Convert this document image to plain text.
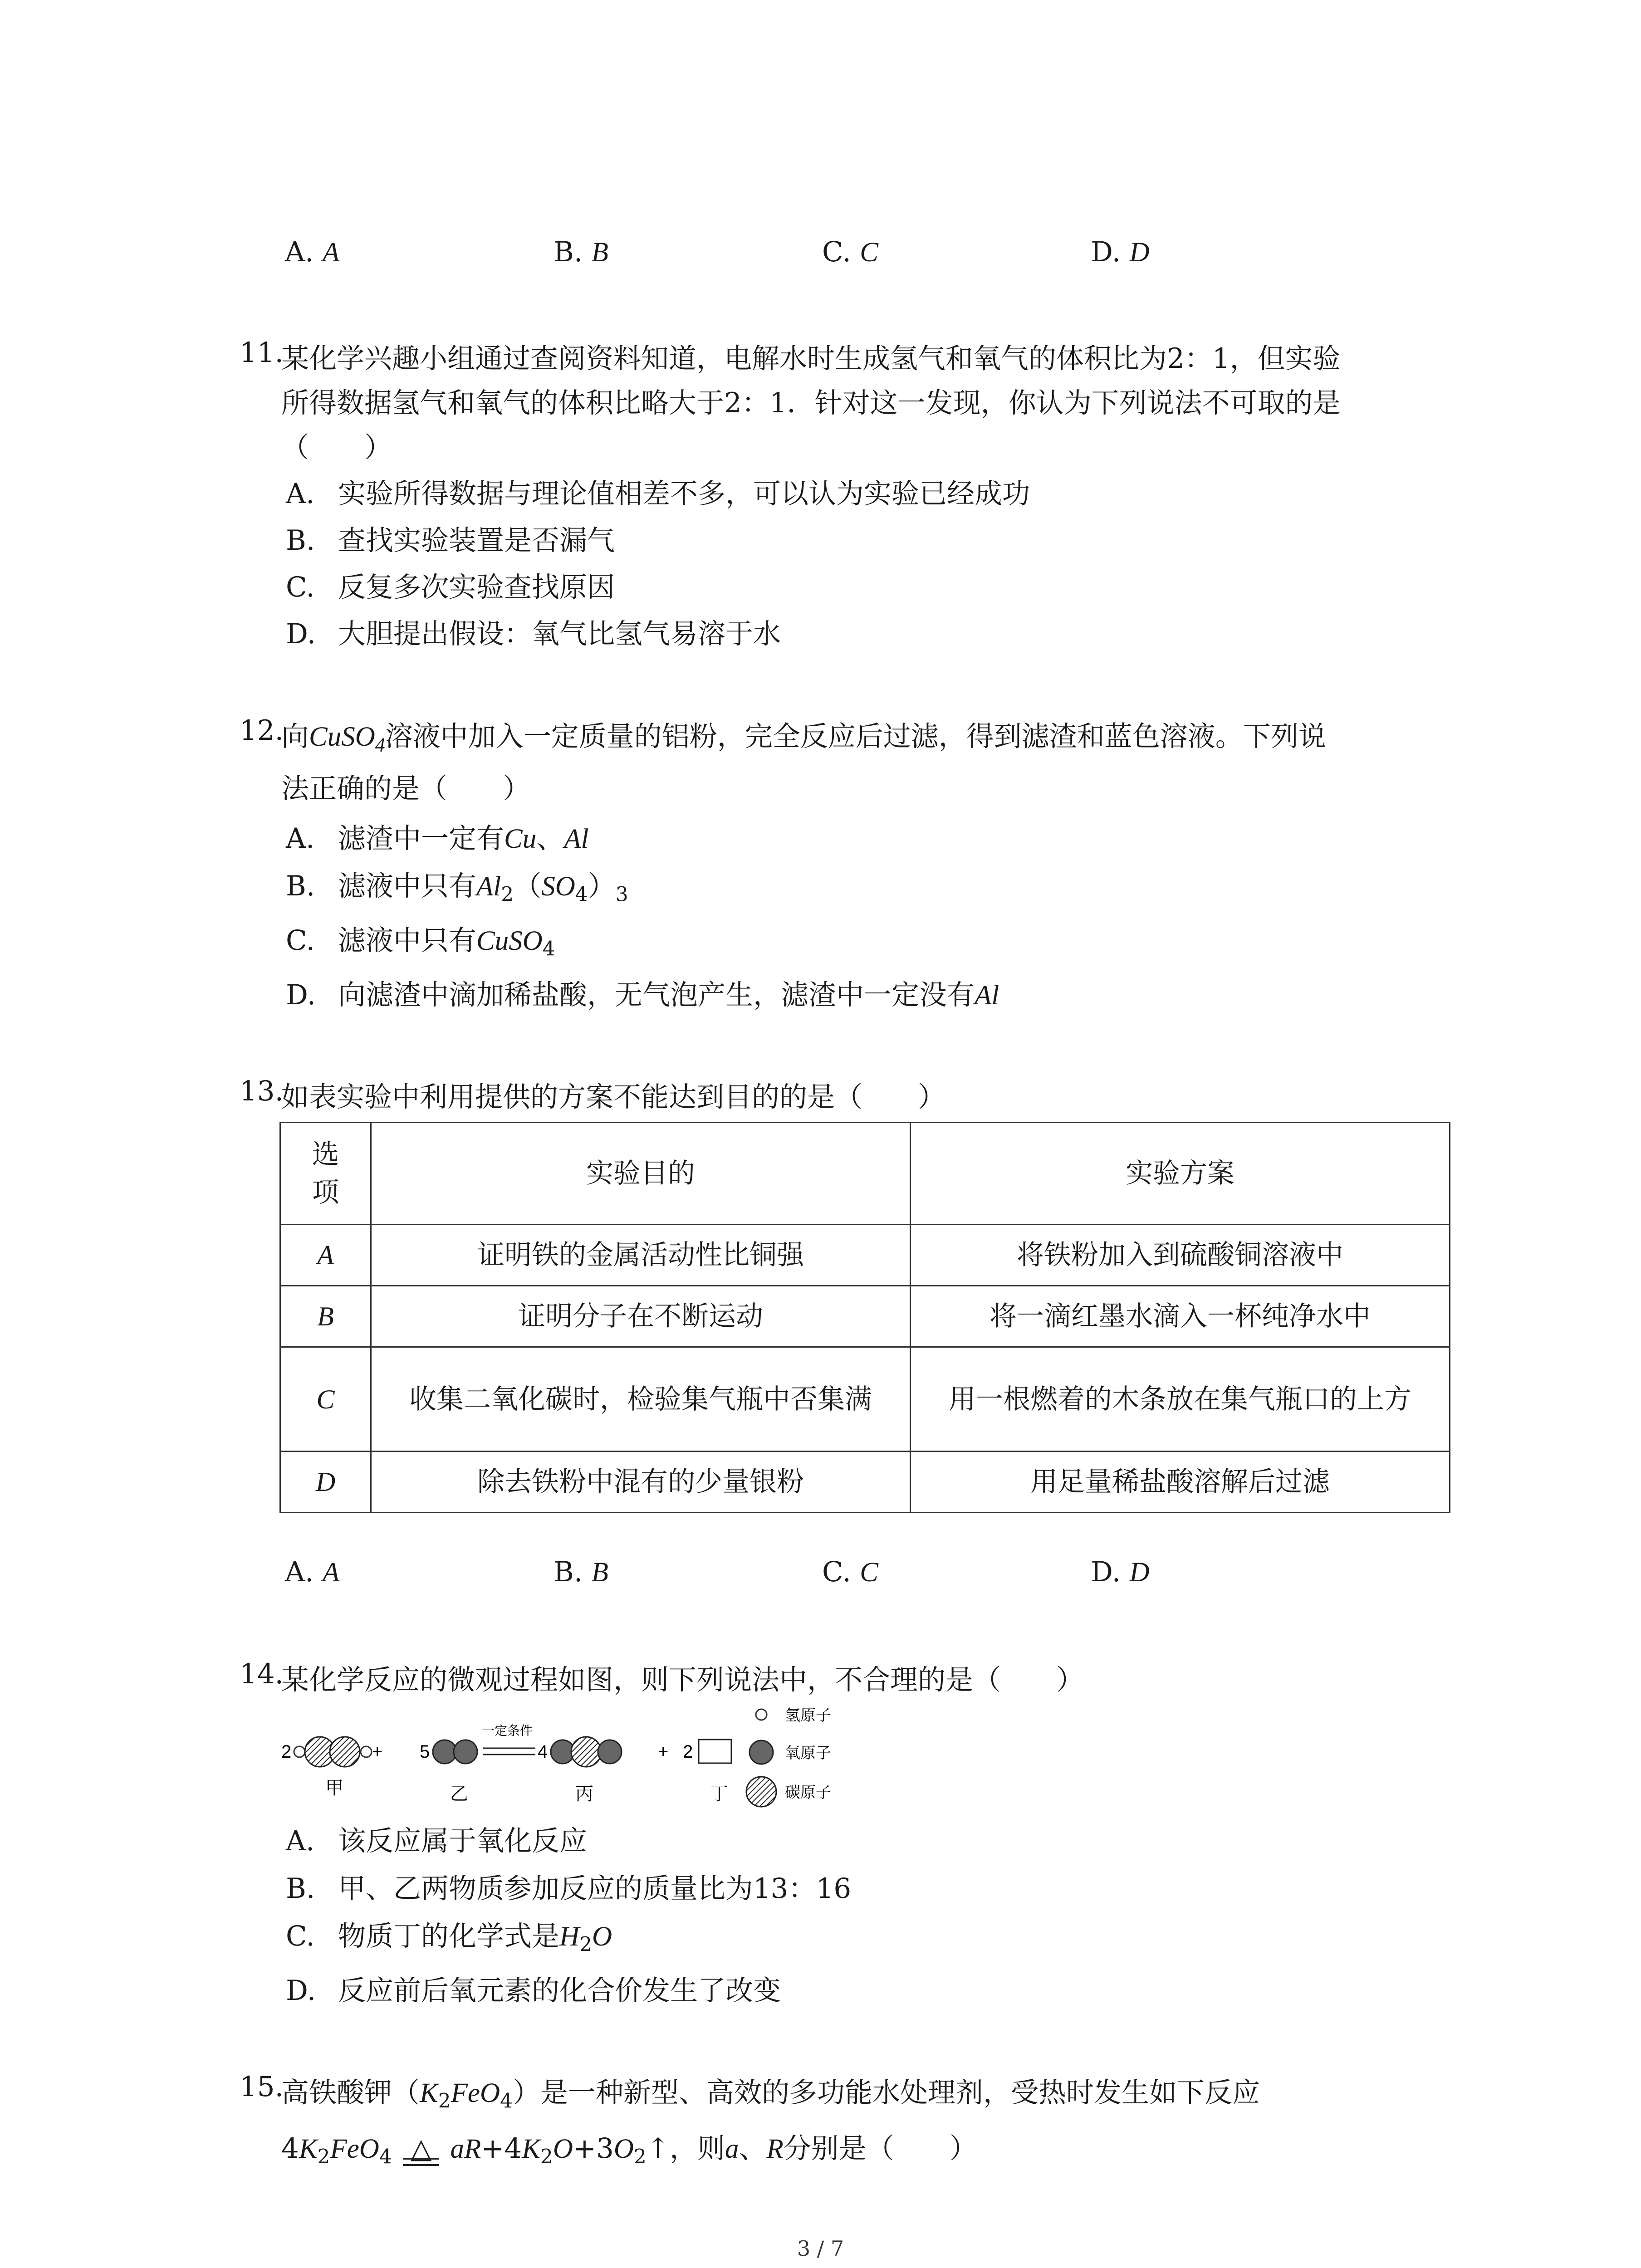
A. A	B. B	C. C	D. D
11.
某化学兴趣小组通过查阅资料知道，电解水时生成氢气和氧气的体积比为2：1，但实验
所得数据氢气和氧气的体积比略大于2：1．针对这一发现，你认为下列说法不可取的是
（　　）
A. 实验所得数据与理论值相差不多，可以认为实验已经成功
B. 查找实验装置是否漏气
C. 反复多次实验查找原因
D. 大胆提出假设：氧气比氢气易溶于水
12.
向CuSO$_4$溶液中加入一定质量的铝粉，完全反应后过滤，得到滤渣和蓝色溶液。下列说
法正确的是（　　）
A. 滤渣中一定有Cu、Al
B. 滤液中只有$Al_2(SO_4)_3$
C. 滤液中只有CuSO$_4$
D. 向滤渣中滴加稀盐酸，无气泡产生，滤渣中一定没有Al
13.
如表实验中利用提供的方案不能达到目的的是（　　）
选
项	实验目的	实验方案
A	证明铁的金属活动性比铜强	将铁粉加入到硫酸铜溶液中
B	证明分子在不断运动	将一滴红墨水滴入一杯纯净水中
C	收集二氧化碳时，检验集气瓶中否集满	用一根燃着的木条放在集气瓶口的上方
D	除去铁粉中混有的少量银粉	用足量稀盐酸溶解后过滤
A. A	B. B	C. C	D. D
14.
某化学反应的微观过程如图，则下列说法中，不合理的是（　　）
2	+
甲
5
乙
一定条件
4
丙
+ 2
丁
氢原子
氧原子
碳原子
A. 该反应属于氧化反应
B. 甲、乙两物质参加反应的质量比为13：16
C. 物质丁的化学式是$H_2O$
D. 反应前后氧元素的化合价发生了改变
15.
高铁酸钾$(K_2FeO_4)$是一种新型、高效的多功能水处理剂，受热时发生如下反应
$4K_2FeO_4$ △ $aR+4K_2O+3O_2↑$，则a、R分别是（　　）
3 / 7
